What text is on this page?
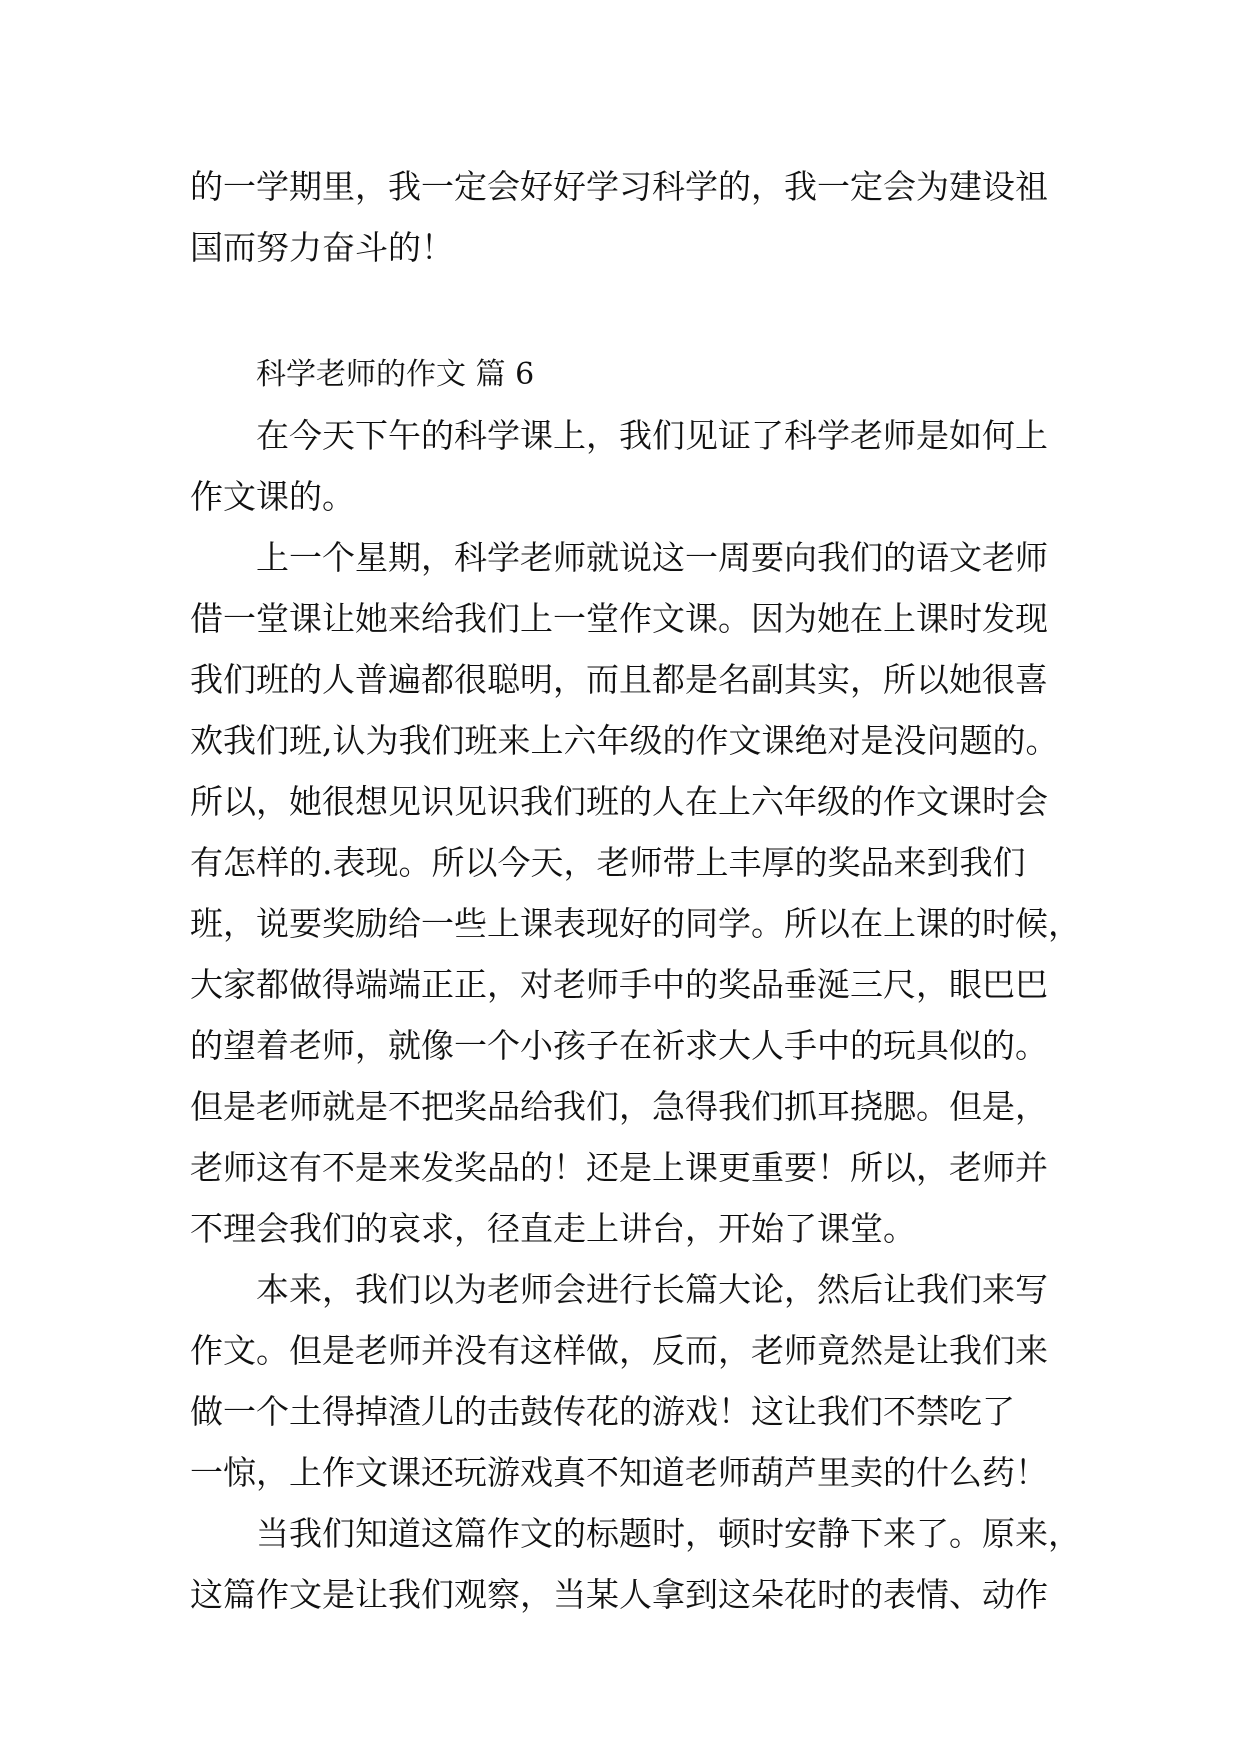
的一学期里，我一定会好好学习科学的，我一定会为建设祖
国而努力奋斗的！
科学老师的作文 篇 6
在今天下午的科学课上，我们见证了科学老师是如何上
作文课的。
上一个星期，科学老师就说这一周要向我们的语文老师
借一堂课让她来给我们上一堂作文课。因为她在上课时发现
我们班的人普遍都很聪明，而且都是名副其实，所以她很喜
欢我们班,认为我们班来上六年级的作文课绝对是没问题的。
所以，她很想见识见识我们班的人在上六年级的作文课时会
有怎样的.表现。所以今天，老师带上丰厚的奖品来到我们
班，说要奖励给一些上课表现好的同学。所以在上课的时候，
大家都做得端端正正，对老师手中的奖品垂涎三尺，眼巴巴
的望着老师，就像一个小孩子在祈求大人手中的玩具似的。
但是老师就是不把奖品给我们，急得我们抓耳挠腮。但是，
老师这有不是来发奖品的！还是上课更重要！所以，老师并
不理会我们的哀求，径直走上讲台，开始了课堂。
本来，我们以为老师会进行长篇大论，然后让我们来写
作文。但是老师并没有这样做，反而，老师竟然是让我们来
做一个土得掉渣儿的击鼓传花的游戏！这让我们不禁吃了
一惊，上作文课还玩游戏真不知道老师葫芦里卖的什么药！
当我们知道这篇作文的标题时，顿时安静下来了。原来，
这篇作文是让我们观察，当某人拿到这朵花时的表情、动作
